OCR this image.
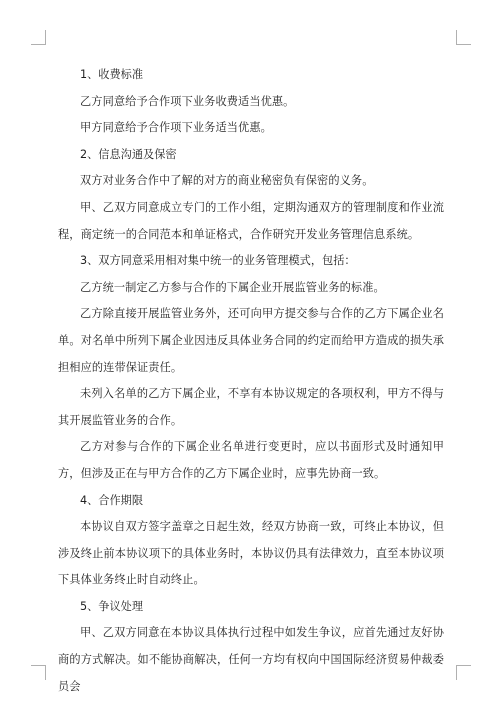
1、收费标准

乙方同意给予合作项下业务收费适当优惠。

甲方同意给予合作项下业务适当优惠。

2、信息沟通及保密

双方对业务合作中了解的对方的商业秘密负有保密的义务。

甲、乙双方同意成立专门的工作小组，定期沟通双方的管理制度和作业流程，商定统一的合同范本和单证格式，合作研究开发业务管理信息系统。

3、双方同意采用相对集中统一的业务管理模式，包括：

乙方统一制定乙方参与合作的下属企业开展监管业务的标准。

乙方除直接开展监管业务外，还可向甲方提交参与合作的乙方下属企业名单。对名单中所列下属企业因违反具体业务合同的约定而给甲方造成的损失承担相应的连带保证责任。

未列入名单的乙方下属企业，不享有本协议规定的各项权利，甲方不得与其开展监管业务的合作。

乙方对参与合作的下属企业名单进行变更时，应以书面形式及时通知甲方，但涉及正在与甲方合作的乙方下属企业时，应事先协商一致。

4、合作期限

本协议自双方签字盖章之日起生效，经双方协商一致，可终止本协议，但涉及终止前本协议项下的具体业务时，本协议仍具有法律效力，直至本协议项下具体业务终止时自动终止。

5、争议处理

甲、乙双方同意在本协议具体执行过程中如发生争议，应首先通过友好协商的方式解决。如不能协商解决，任何一方均有权向中国国际经济贸易仲裁委员会
